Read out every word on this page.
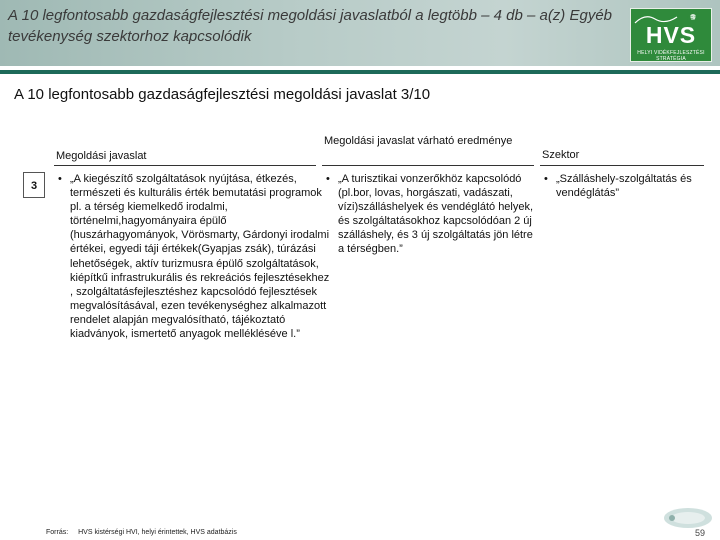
A 10 legfontosabb gazdaságfejlesztési megoldási javaslatból a legtöbb – 4 db – a(z) Egyéb tevékenység szektorhoz kapcsolódik
FEJV
HVS
HELYI VIDÉKFEJLESZTÉSI STRATÉGIA
A 10 legfontosabb gazdaságfejlesztési megoldási javaslat 3/10
Megoldási javaslat
Megoldási javaslat várható eredménye
Szektor
3
• „A kiegészítő szolgáltatások nyújtása, étkezés, természeti és kulturális érték bemutatási programok pl. a térség kiemelkedő irodalmi, történelmi,hagyományaira épülő (huszárhagyományok, Vörösmarty, Gárdonyi irodalmi értékei, egyedi táji értékek(Gyapjas zsák), túrázási lehetőségek, aktív turizmusra épülő szolgáltatások, kiépítkű infrastrukurális és rekreációs fejlesztésekhez , szolgáltatásfejlesztéshez kapcsolódó fejlesztések megvalósításával, ezen tevékenységhez alkalmazott rendelet alapján megvalósítható, tájékoztató kiadványok, ismertető anyagok mellékléséve l.”
• „A turisztikai vonzerőkhöz kapcsolódó (pl.bor, lovas, horgászati, vadászati, vízi)szálláshelyek és vendéglátó helyek, és szolgáltatásokhoz kapcsolódóan 2 új szálláshely, és 3 új szolgáltatás jön létre a térségben.”
• „Szálláshely-szolgáltatás és vendéglátás”
Forrás: HVS kistérségi HVI, helyi érintettek, HVS adatbázis	59
